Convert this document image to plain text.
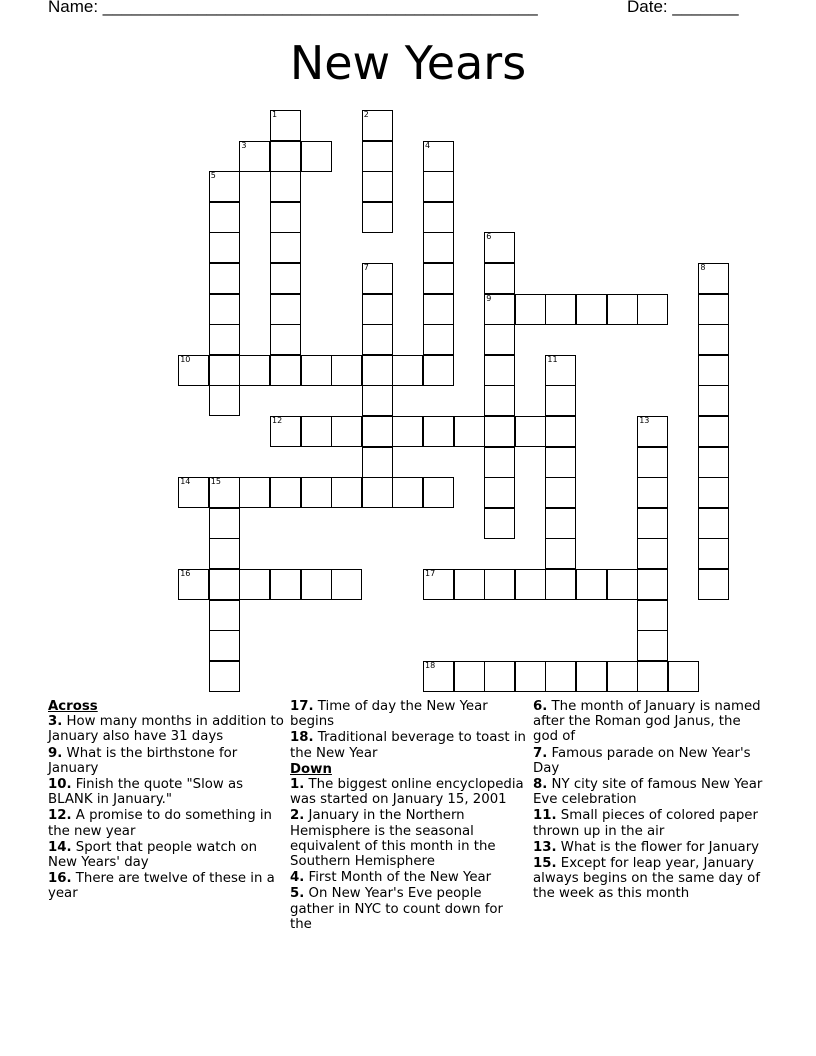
Name: ______________________________________________	Date: _______
New Years
1	2
3	4
5
6
9
7	8
10	11
12	13
14	15
16	17
18

Across

3. How many months in addition to January also have 31 days
9. What is the birthstone for January
10. Finish the quote "Slow as BLANK in January."
12. A promise to do something in the new year
14. Sport that people watch on New Years' day
16. There are twelve of these in a year
17. Time of day the New Year begins
18. Traditional beverage to toast in the New Year

Down

1. The biggest online encyclopedia was started on January 15, 2001
2. January in the Northern Hemisphere is the seasonal equivalent of this month in the Southern Hemisphere
4. First Month of the New Year
5. On New Year's Eve people gather in NYC to count down for the
6. The month of January is named after the Roman god Janus, the god of
7. Famous parade on New Year's Day
8. NY city site of famous New Year Eve celebration
11. Small pieces of colored paper thrown up in the air
13. What is the flower for January
15. Except for leap year, January always begins on the same day of the week as this month
